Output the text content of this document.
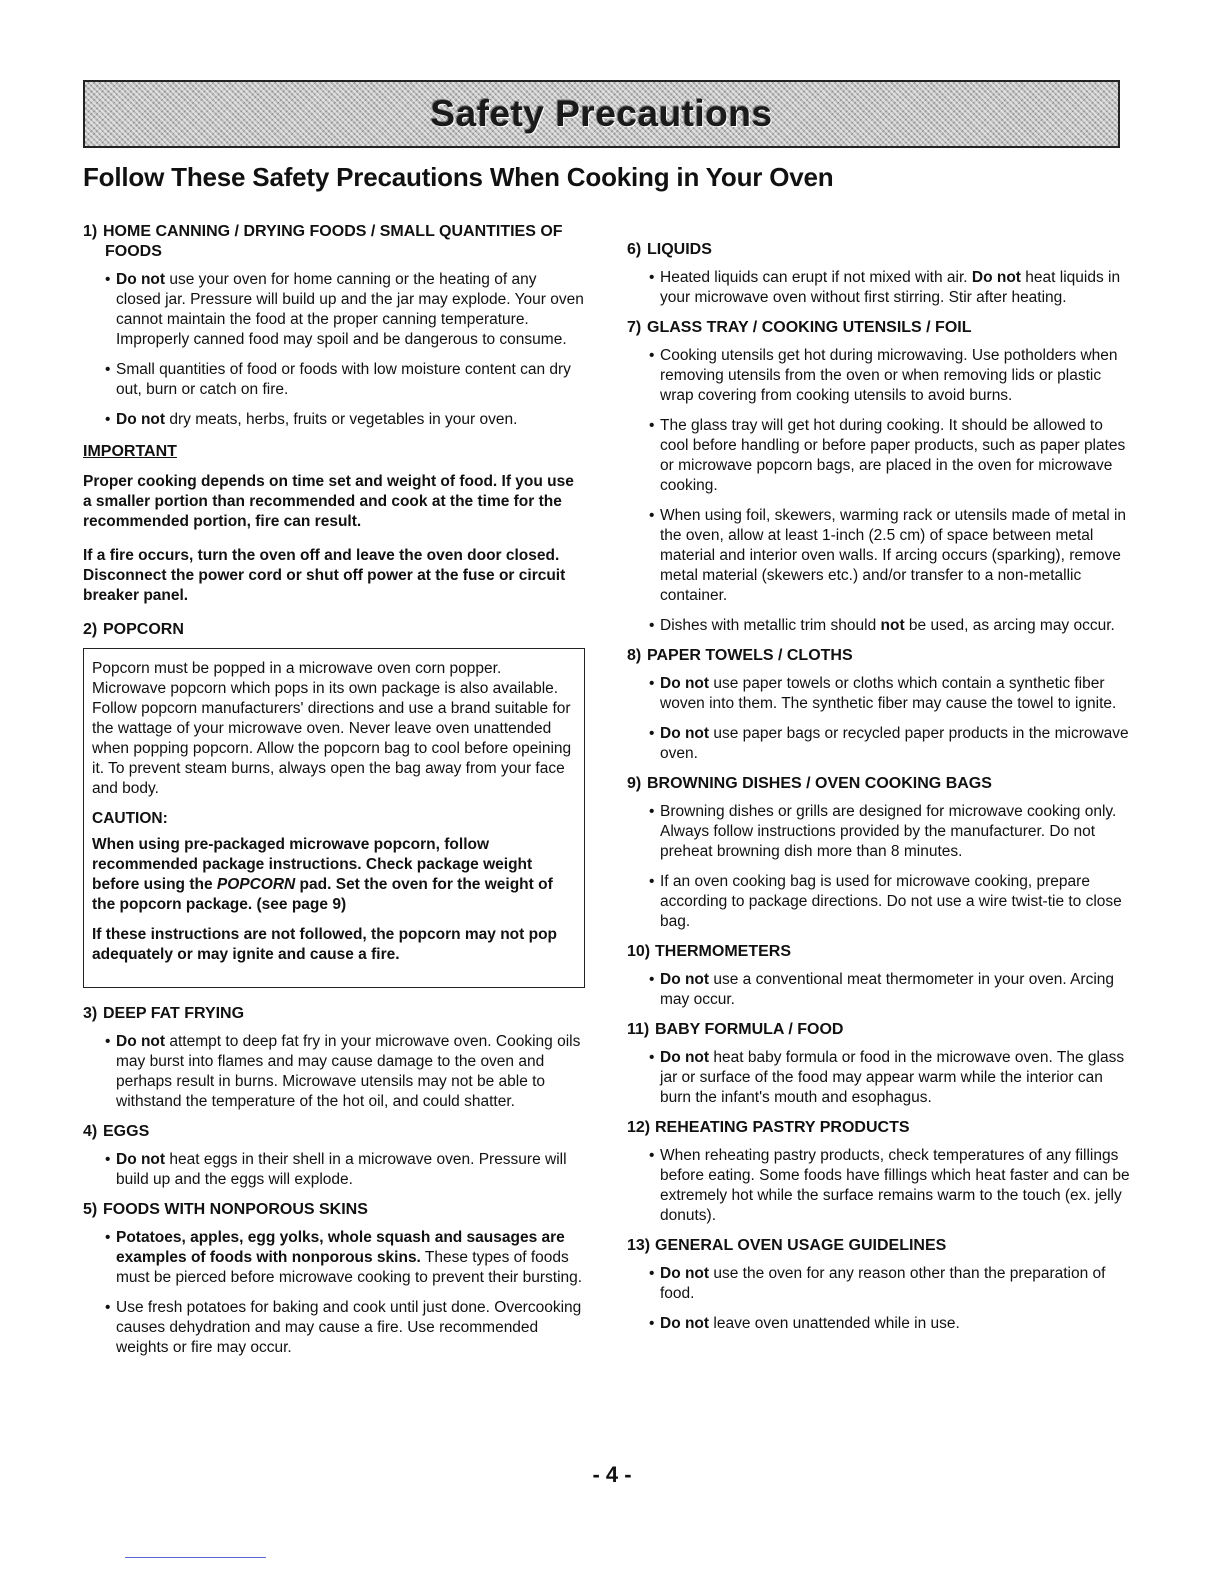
Safety Precautions
Follow These Safety Precautions When Cooking in Your Oven
1) HOME CANNING / DRYING FOODS / SMALL QUANTITIES OF FOODS
• Do not use your oven for home canning or the heating of any closed jar. Pressure will build up and the jar may explode. Your oven cannot maintain the food at the proper canning temperature. Improperly canned food may spoil and be dangerous to consume.
• Small quantities of food or foods with low moisture content can dry out, burn or catch on fire.
• Do not dry meats, herbs, fruits or vegetables in your oven.
IMPORTANT

Proper cooking depends on time set and weight of food. If you use a smaller portion than recommended and cook at the time for the recommended portion, fire can result.

If a fire occurs, turn the oven off and leave the oven door closed. Disconnect the power cord or shut off power at the fuse or circuit breaker panel.

2) POPCORN

Popcorn must be popped in a microwave oven corn popper. Microwave popcorn which pops in its own package is also available. Follow popcorn manufacturers' directions and use a brand suitable for the wattage of your microwave oven. Never leave oven unattended when popping popcorn. Allow the popcorn bag to cool before opeining it. To prevent steam burns, always open the bag away from your face and body.

CAUTION:

When using pre-packaged microwave popcorn, follow recommended package instructions. Check package weight before using the POPCORN pad. Set the oven for the weight of the popcorn package. (see page 9)

If these instructions are not followed, the popcorn may not pop adequately or may ignite and cause a fire.

3) DEEP FAT FRYING
• Do not attempt to deep fat fry in your microwave oven. Cooking oils may burst into flames and may cause damage to the oven and perhaps result in burns. Microwave utensils may not be able to withstand the temperature of the hot oil, and could shatter.
4) EGGS
• Do not heat eggs in their shell in a microwave oven. Pressure will build up and the eggs will explode.
5) FOODS WITH NONPOROUS SKINS
• Potatoes, apples, egg yolks, whole squash and sausages are examples of foods with nonporous skins. These types of foods must be pierced before microwave cooking to prevent their bursting.
• Use fresh potatoes for baking and cook until just done. Overcooking causes dehydration and may cause a fire. Use recommended weights or fire may occur.
6) LIQUIDS
• Heated liquids can erupt if not mixed with air. Do not heat liquids in your microwave oven without first stirring. Stir after heating.
7) GLASS TRAY / COOKING UTENSILS / FOIL
• Cooking utensils get hot during microwaving. Use potholders when removing utensils from the oven or when removing lids or plastic wrap covering from cooking utensils to avoid burns.
• The glass tray will get hot during cooking. It should be allowed to cool before handling or before paper products, such as paper plates or microwave popcorn bags, are placed in the oven for microwave cooking.
• When using foil, skewers, warming rack or utensils made of metal in the oven, allow at least 1-inch (2.5 cm) of space between metal material and interior oven walls. If arcing occurs (sparking), remove metal material (skewers etc.) and/or transfer to a non-metallic container.
• Dishes with metallic trim should not be used, as arcing may occur.
8) PAPER TOWELS / CLOTHS
• Do not use paper towels or cloths which contain a synthetic fiber woven into them. The synthetic fiber may cause the towel to ignite.
• Do not use paper bags or recycled paper products in the microwave oven.
9) BROWNING DISHES / OVEN COOKING BAGS
• Browning dishes or grills are designed for microwave cooking only. Always follow instructions provided by the manufacturer. Do not preheat browning dish more than 8 minutes.
• If an oven cooking bag is used for microwave cooking, prepare according to package directions. Do not use a wire twist-tie to close bag.
10) THERMOMETERS
• Do not use a conventional meat thermometer in your oven. Arcing may occur.
11) BABY FORMULA / FOOD
• Do not heat baby formula or food in the microwave oven. The glass jar or surface of the food may appear warm while the interior can burn the infant's mouth and esophagus.
12) REHEATING PASTRY PRODUCTS
• When reheating pastry products, check temperatures of any fillings before eating. Some foods have fillings which heat faster and can be extremely hot while the surface remains warm to the touch (ex. jelly donuts).
13) GENERAL OVEN USAGE GUIDELINES
• Do not use the oven for any reason other than the preparation of food.
• Do not leave oven unattended while in use.
- 4 -
